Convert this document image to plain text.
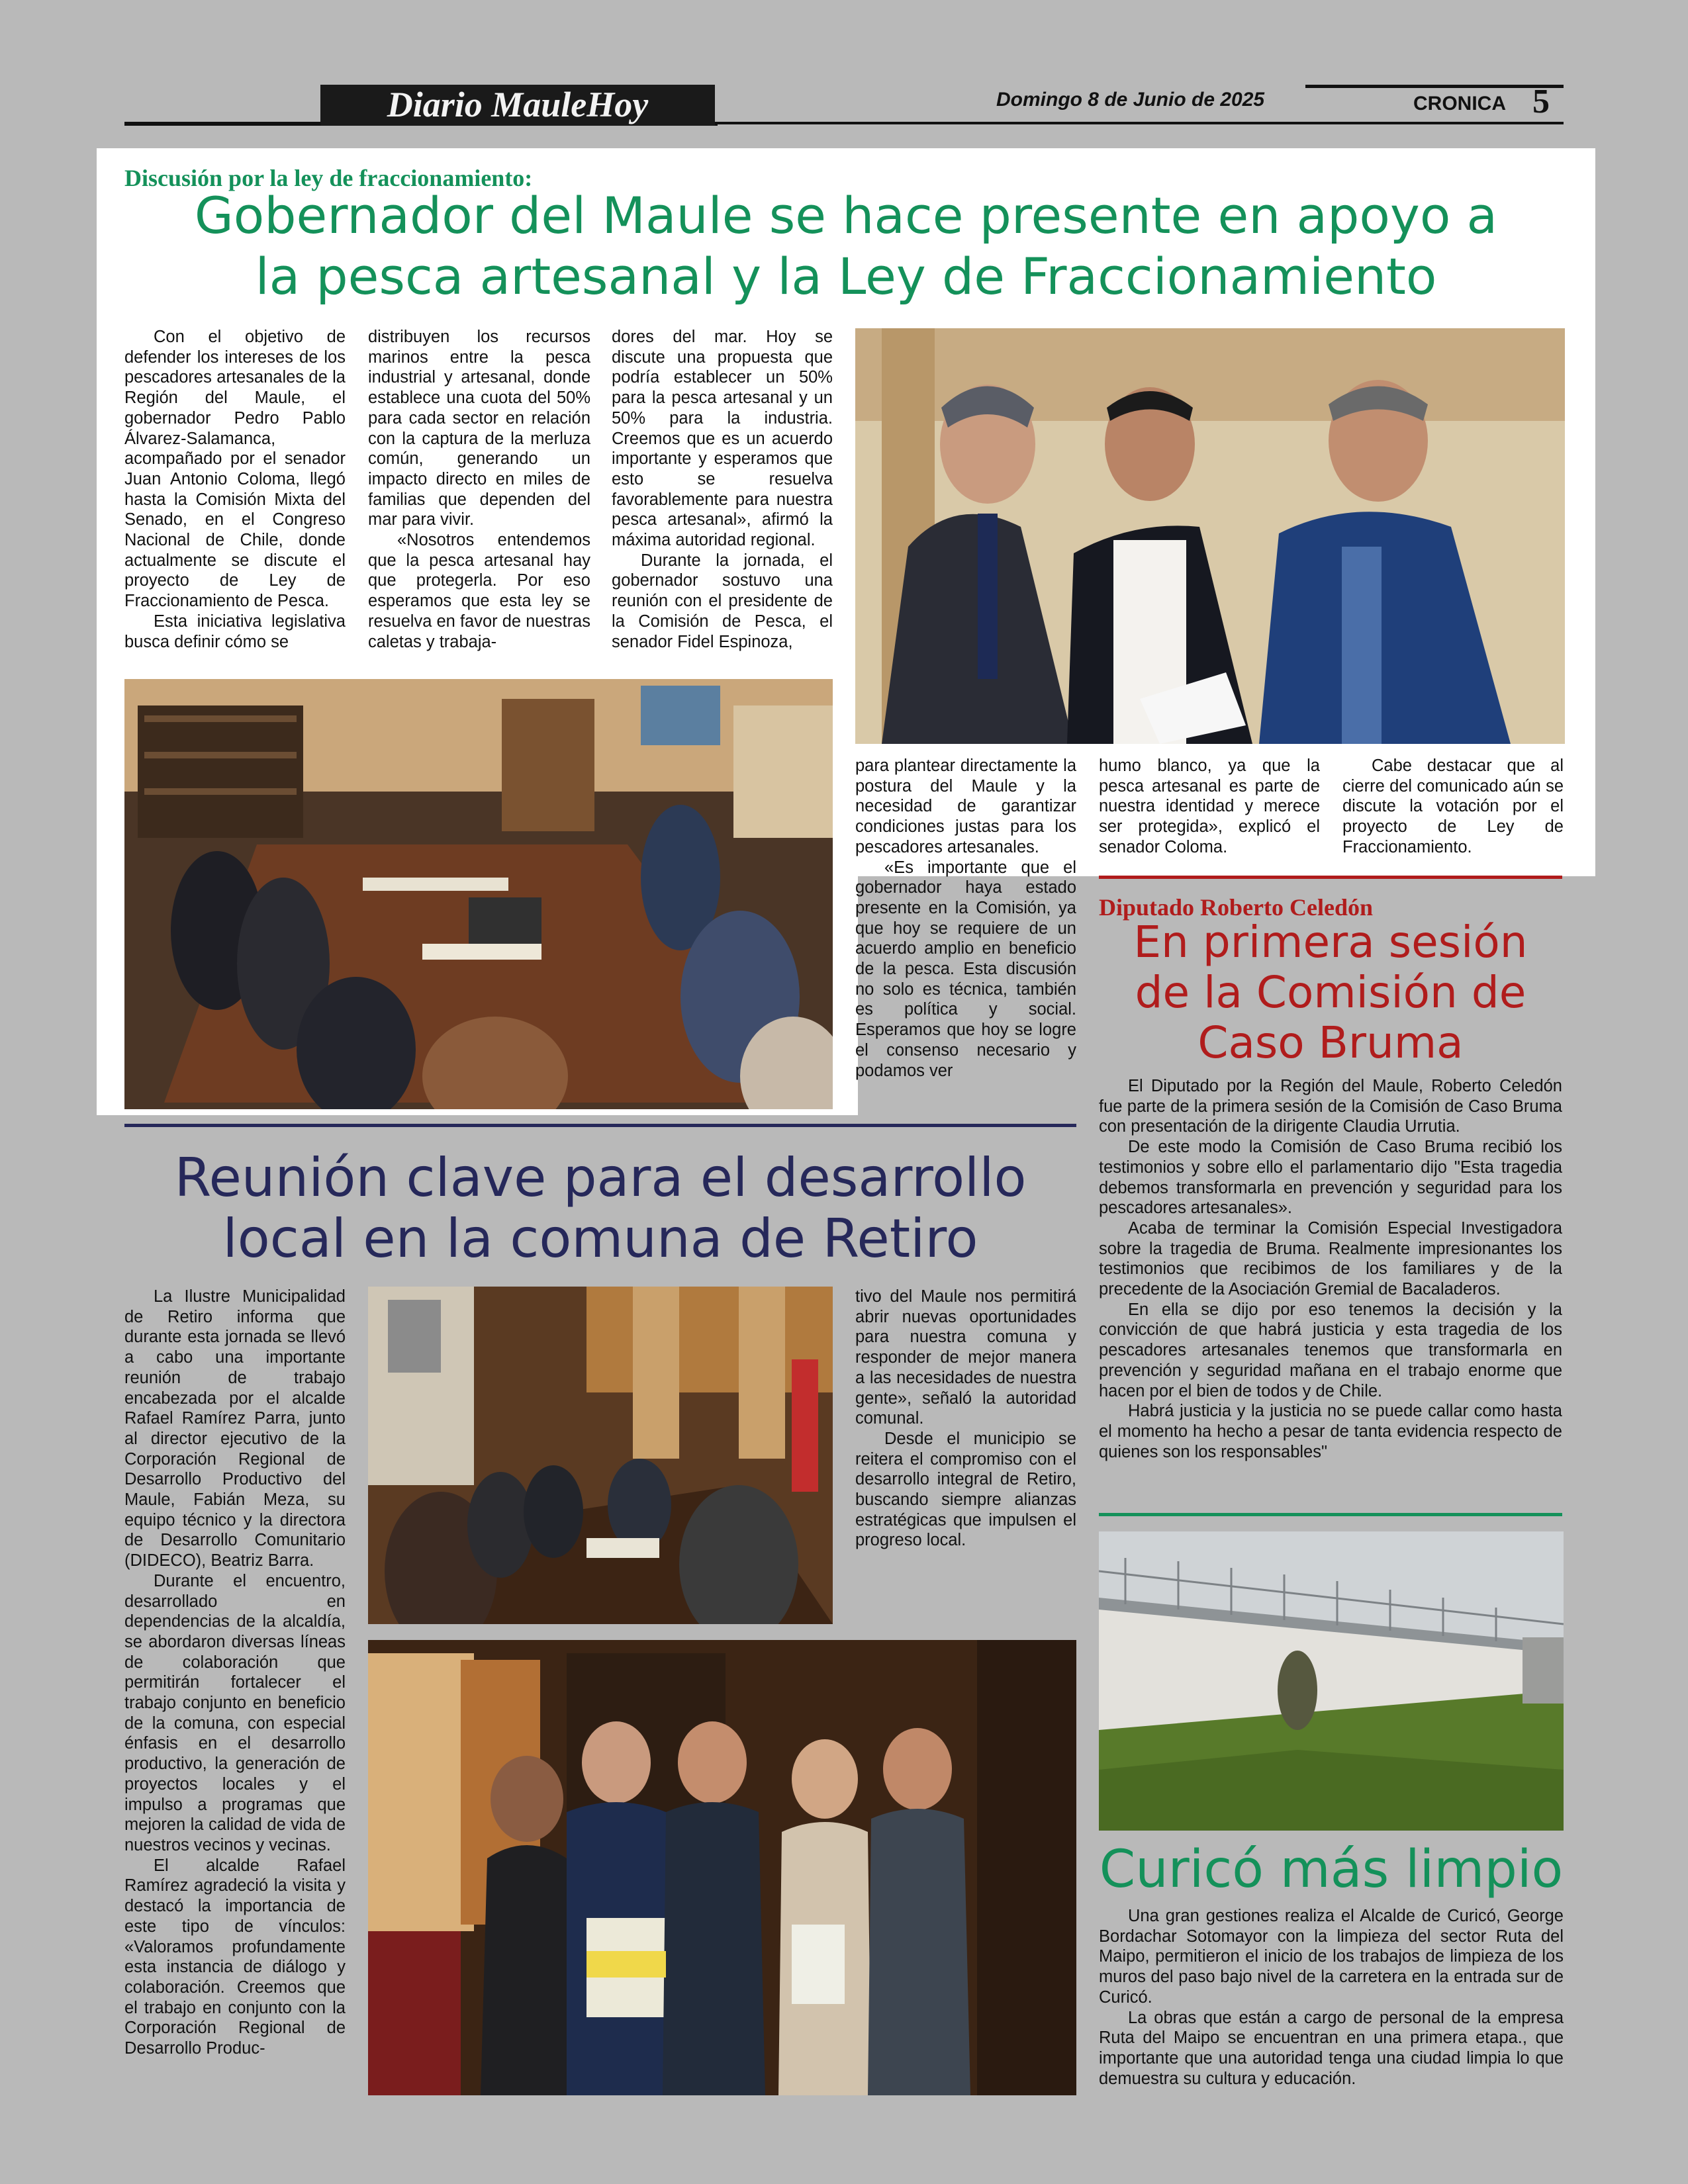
Diario MauleHoy	Domingo 8 de Junio de 2025	CRONICA 5
Discusión por la ley de fraccionamiento:
Gobernador del Maule se hace presente en apoyo a
la pesca artesanal y la Ley de Fraccionamiento

Con el objetivo de defender los intereses de los pescadores artesanales de la Región del Maule, el gobernador Pedro Pablo Álvarez-Salamanca, acompañado por el senador Juan Antonio Coloma, llegó hasta la Comisión Mixta del Senado, en el Congreso Nacional de Chile, donde actualmente se discute el proyecto de Ley de Fraccionamiento de Pesca.

Esta iniciativa legislativa busca definir cómo se

distribuyen los recursos marinos entre la pesca industrial y artesanal, donde establece una cuota del 50% para cada sector en relación con la captura de la merluza común, generando un impacto directo en miles de familias que dependen del mar para vivir.

«Nosotros entendemos que la pesca artesanal hay que protegerla. Por eso esperamos que esta ley se resuelva en favor de nuestras caletas y trabaja-

dores del mar. Hoy se discute una propuesta que podría establecer un 50% para la pesca artesanal y un 50% para la industria. Creemos que es un acuerdo importante y esperamos que esto se resuelva favorablemente para nuestra pesca artesanal», afirmó la máxima autoridad regional.

Durante la jornada, el gobernador sostuvo una reunión con el presidente de la Comisión de Pesca, el senador Fidel Espinoza,

para plantear directamente la postura del Maule y la necesidad de garantizar condiciones justas para los pescadores artesanales.

«Es importante que el gobernador haya estado presente en la Comisión, ya que hoy se requiere de un acuerdo amplio en beneficio de la pesca. Esta discusión no solo es técnica, también es política y social. Esperamos que hoy se logre el consenso necesario y podamos ver

humo blanco, ya que la pesca artesanal es parte de nuestra identidad y merece ser protegida», explicó el senador Coloma.

Cabe destacar que al cierre del comunicado aún se discute la votación por el proyecto de Ley de Fraccionamiento.

Reunión clave para el desarrollo
local en la comuna de Retiro

La Ilustre Municipalidad de Retiro informa que durante esta jornada se llevó a cabo una importante reunión de trabajo encabezada por el alcalde Rafael Ramírez Parra, junto al director ejecutivo de la Corporación Regional de Desarrollo Productivo del Maule, Fabián Meza, su equipo técnico y la directora de Desarrollo Comunitario (DIDECO), Beatriz Barra.

Durante el encuentro, desarrollado en dependencias de la alcaldía, se abordaron diversas líneas de colaboración que permitirán fortalecer el trabajo conjunto en beneficio de la comuna, con especial énfasis en el desarrollo productivo, la generación de proyectos locales y el impulso a programas que mejoren la calidad de vida de nuestros vecinos y vecinas.

El alcalde Rafael Ramírez agradeció la visita y destacó la importancia de este tipo de vínculos: «Valoramos profundamente esta instancia de diálogo y colaboración. Creemos que el trabajo en conjunto con la Corporación Regional de Desarrollo Produc-

tivo del Maule nos permitirá abrir nuevas oportunidades para nuestra comuna y responder de mejor manera a las necesidades de nuestra gente», señaló la autoridad comunal.

Desde el municipio se reitera el compromiso con el desarrollo integral de Retiro, buscando siempre alianzas estratégicas que impulsen el progreso local.

Diputado Roberto Celedón
En primera sesión
de la Comisión de
Caso Bruma

El Diputado por la Región del Maule, Roberto Celedón fue parte de la primera sesión de la Comisión de Caso Bruma con presentación de la dirigente Claudia Urrutia.

De este modo la Comisión de Caso Bruma recibió los testimonios y sobre ello el parlamentario dijo "Esta tragedia debemos transformarla en prevención y seguridad para los pescadores artesanales».

Acaba de terminar la Comisión Especial Investigadora sobre la tragedia de Bruma. Realmente impresionantes los testimonios que recibimos de los familiares y de la precedente de la Asociación Gremial de Bacaladeros.

En ella se dijo por eso tenemos la decisión y la convicción de que habrá justicia y esta tragedia de los pescadores artesanales tenemos que transformarla en prevención y seguridad mañana en el trabajo enorme que hacen por el bien de todos y de Chile.

Habrá justicia y la justicia no se puede callar como hasta el momento ha hecho a pesar de tanta evidencia respecto de quienes son los responsables"

Curicó más limpio

Una gran gestiones realiza el Alcalde de Curicó, George Bordachar Sotomayor con la limpieza del sector Ruta del Maipo, permitieron el inicio de los trabajos de limpieza de los muros del paso bajo nivel de la carretera en la entrada sur de Curicó.

La obras que están a cargo de personal de la empresa Ruta del Maipo se encuentran en una primera etapa., que importante que una autoridad tenga una ciudad limpia lo que demuestra su cultura y educación.
